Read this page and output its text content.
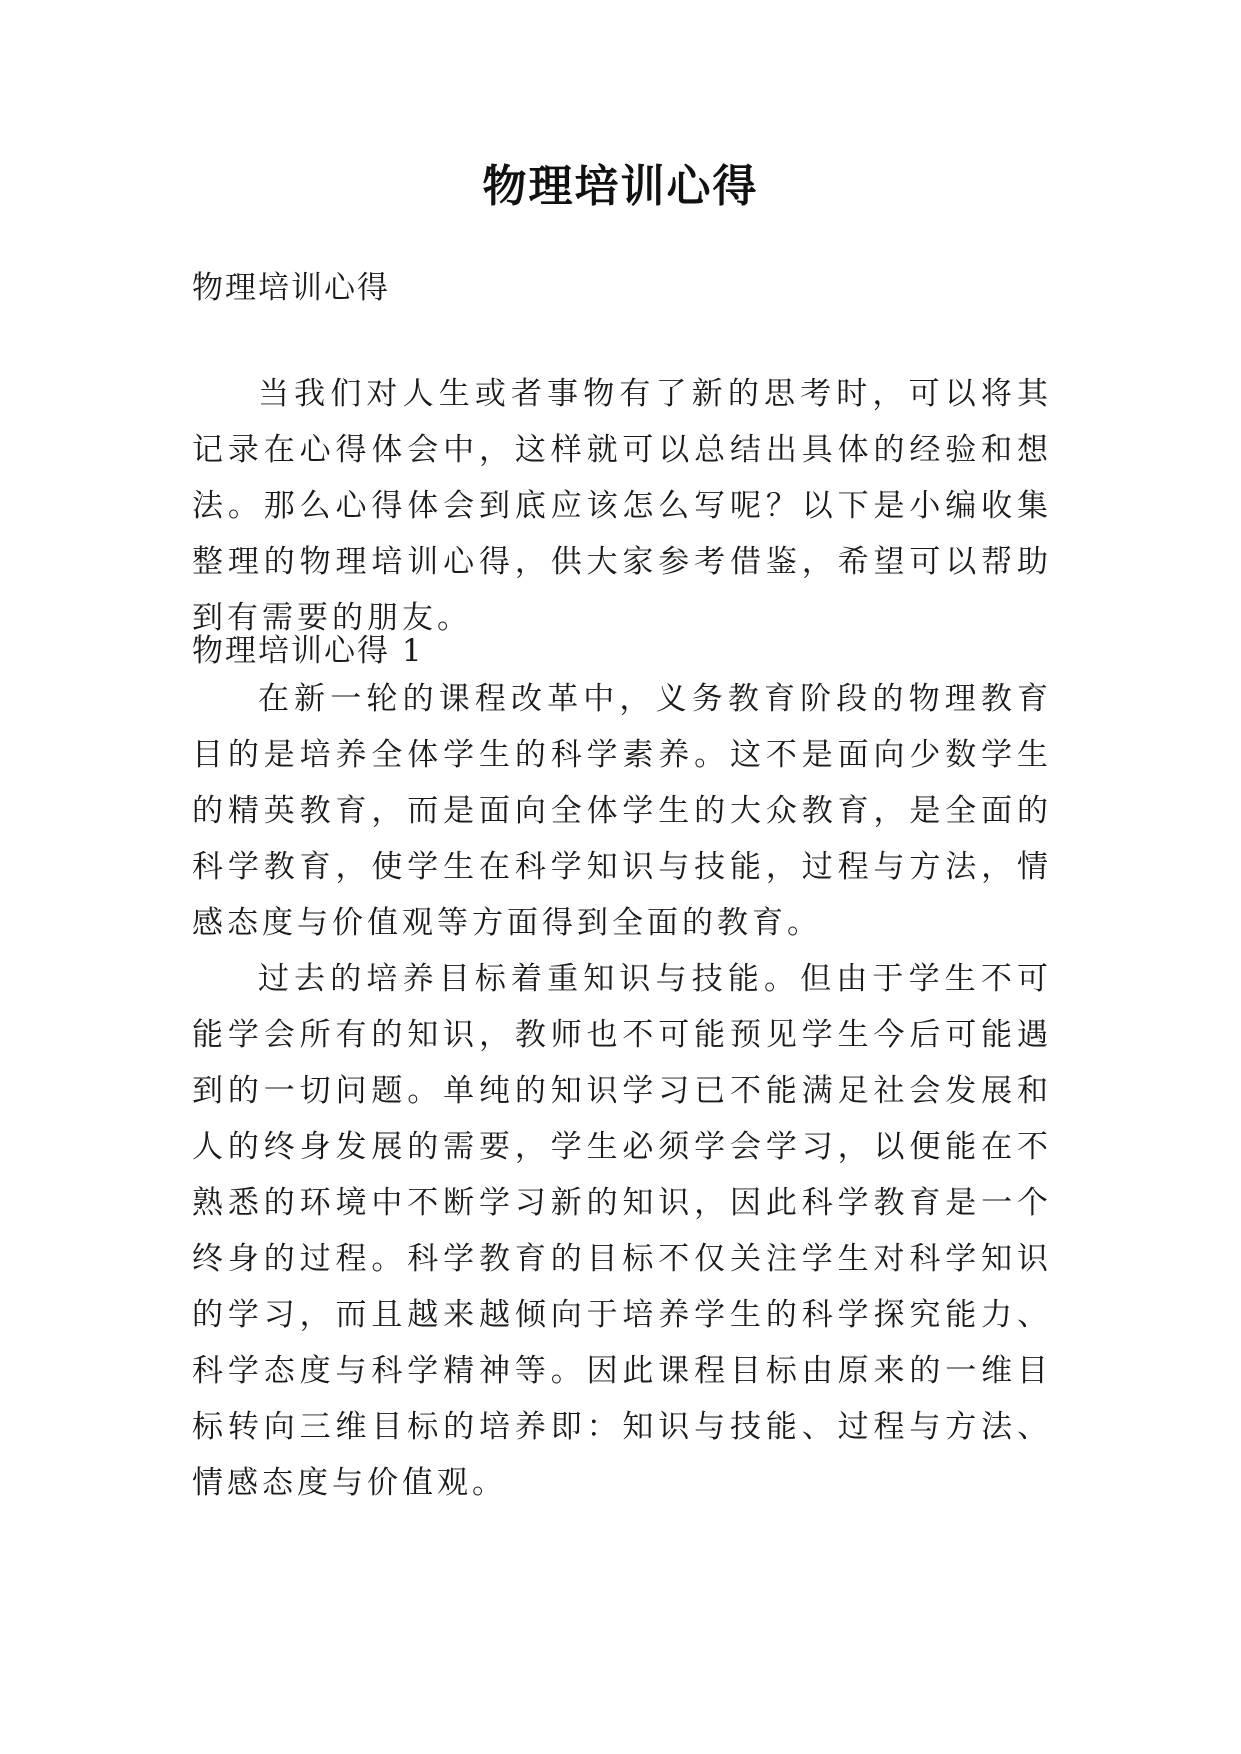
物理培训心得
物理培训心得

当我们对人生或者事物有了新的思考时，可以将其记录在心得体会中，这样就可以总结出具体的经验和想法。那么心得体会到底应该怎么写呢？以下是小编收集整理的物理培训心得，供大家参考借鉴，希望可以帮助到有需要的朋友。

物理培训心得 1

在新一轮的课程改革中，义务教育阶段的物理教育目的是培养全体学生的科学素养。这不是面向少数学生的精英教育，而是面向全体学生的大众教育，是全面的科学教育，使学生在科学知识与技能，过程与方法，情感态度与价值观等方面得到全面的教育。

过去的培养目标着重知识与技能。但由于学生不可能学会所有的知识，教师也不可能预见学生今后可能遇到的一切问题。单纯的知识学习已不能满足社会发展和人的终身发展的需要，学生必须学会学习，以便能在不熟悉的环境中不断学习新的知识，因此科学教育是一个终身的过程。科学教育的目标不仅关注学生对科学知识的学习，而且越来越倾向于培养学生的科学探究能力、科学态度与科学精神等。因此课程目标由原来的一维目标转向三维目标的培养即：知识与技能、过程与方法、情感态度与价值观。
